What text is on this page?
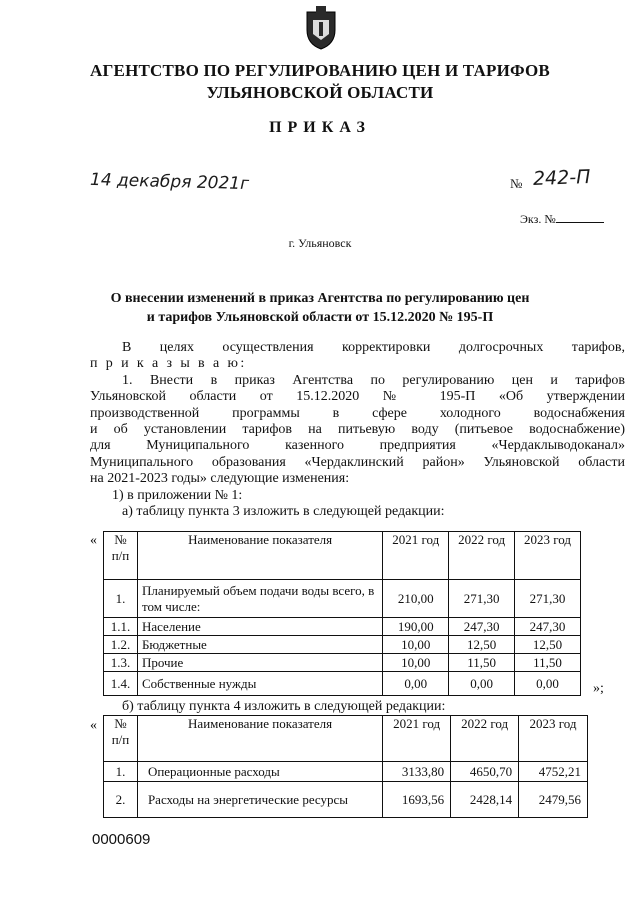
АГЕНТСТВО ПО РЕГУЛИРОВАНИЮ ЦЕН И ТАРИФОВ
УЛЬЯНОВСКОЙ ОБЛАСТИ
ПРИКАЗ
14 декабря 2021г	№ 242-П
Экз. №
г. Ульяновск
О внесении изменений в приказ Агентства по регулированию цен
и тарифов Ульяновской области от 15.12.2020 № 195-П

В целях осуществления корректировки долгосрочных тарифов,

п р и к а з ы в а ю:

1. Внести в приказ Агентства по регулированию цен и тарифов

Ульяновской области от 15.12.2020 № 195-П «Об утверждении

производственной программы в сфере холодного водоснабжения

и об установлении тарифов на питьевую воду (питьевое водоснабжение)

для Муниципального казенного предприятия «Чердаклыводоканал»

Муниципального образования «Чердаклинский район» Ульяновской области

на 2021-2023 годы» следующие изменения:

1) в приложении № 1:

а) таблицу пункта 3 изложить в следующей редакции:

« № п/п	Наименование показателя	2021 год	2022 год	2023 год
1.	Планируемый объем подачи воды всего, в том числе:	210,00	271,30	271,30
1.1.	Население	190,00	247,30	247,30
1.2.	Бюджетные	10,00	12,50	12,50
1.3.	Прочие	10,00	11,50	11,50
1.4.	Собственные нужды	0,00	0,00	0,00 »;
б) таблицу пункта 4 изложить в следующей редакции:
« № п/п	Наименование показателя	2021 год	2022 год	2023 год
1.	Операционные расходы	3133,80	4650,70	4752,21
2.	Расходы на энергетические ресурсы	1693,56	2428,14	2479,56
0000609
